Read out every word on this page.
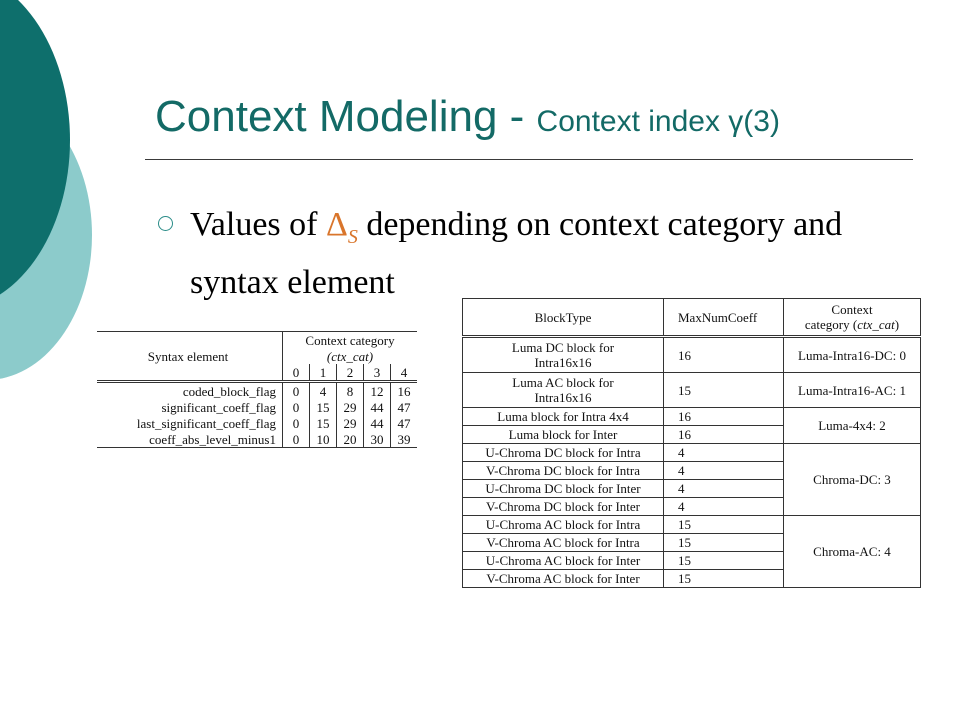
Context Modeling - Context index γ(3)
Values of $\Delta_S$ depending on context category and syntax element
Syntax element	Context category				
	(ctx_cat)				
	0	1	2	3	4
coded_block_flag	0	4	8	12	16
significant_coeff_flag	0	15	29	44	47
last_significant_coeff_flag	0	15	29	44	47
coeff_abs_level_minus1	0	10	20	30	39
BlockType	MaxNumCoeff	Context
category (ctx_cat)

Luma DC block for
Intra16x16	16	Luma-Intra16-DC: 0

Luma AC block for
Intra16x16	15	Luma-Intra16-AC: 1

Luma block for Intra 4x4	16	Luma-4x4: 2

Luma block for Inter	16	

U-Chroma DC block for Intra	4	Chroma-DC: 3

V-Chroma DC block for Intra	4	

U-Chroma DC block for Inter	4	

V-Chroma DC block for Inter	4	

U-Chroma AC block for Intra	15	Chroma-AC: 4

V-Chroma AC block for Intra	15	

U-Chroma AC block for Inter	15	

V-Chroma AC block for Inter	15	
